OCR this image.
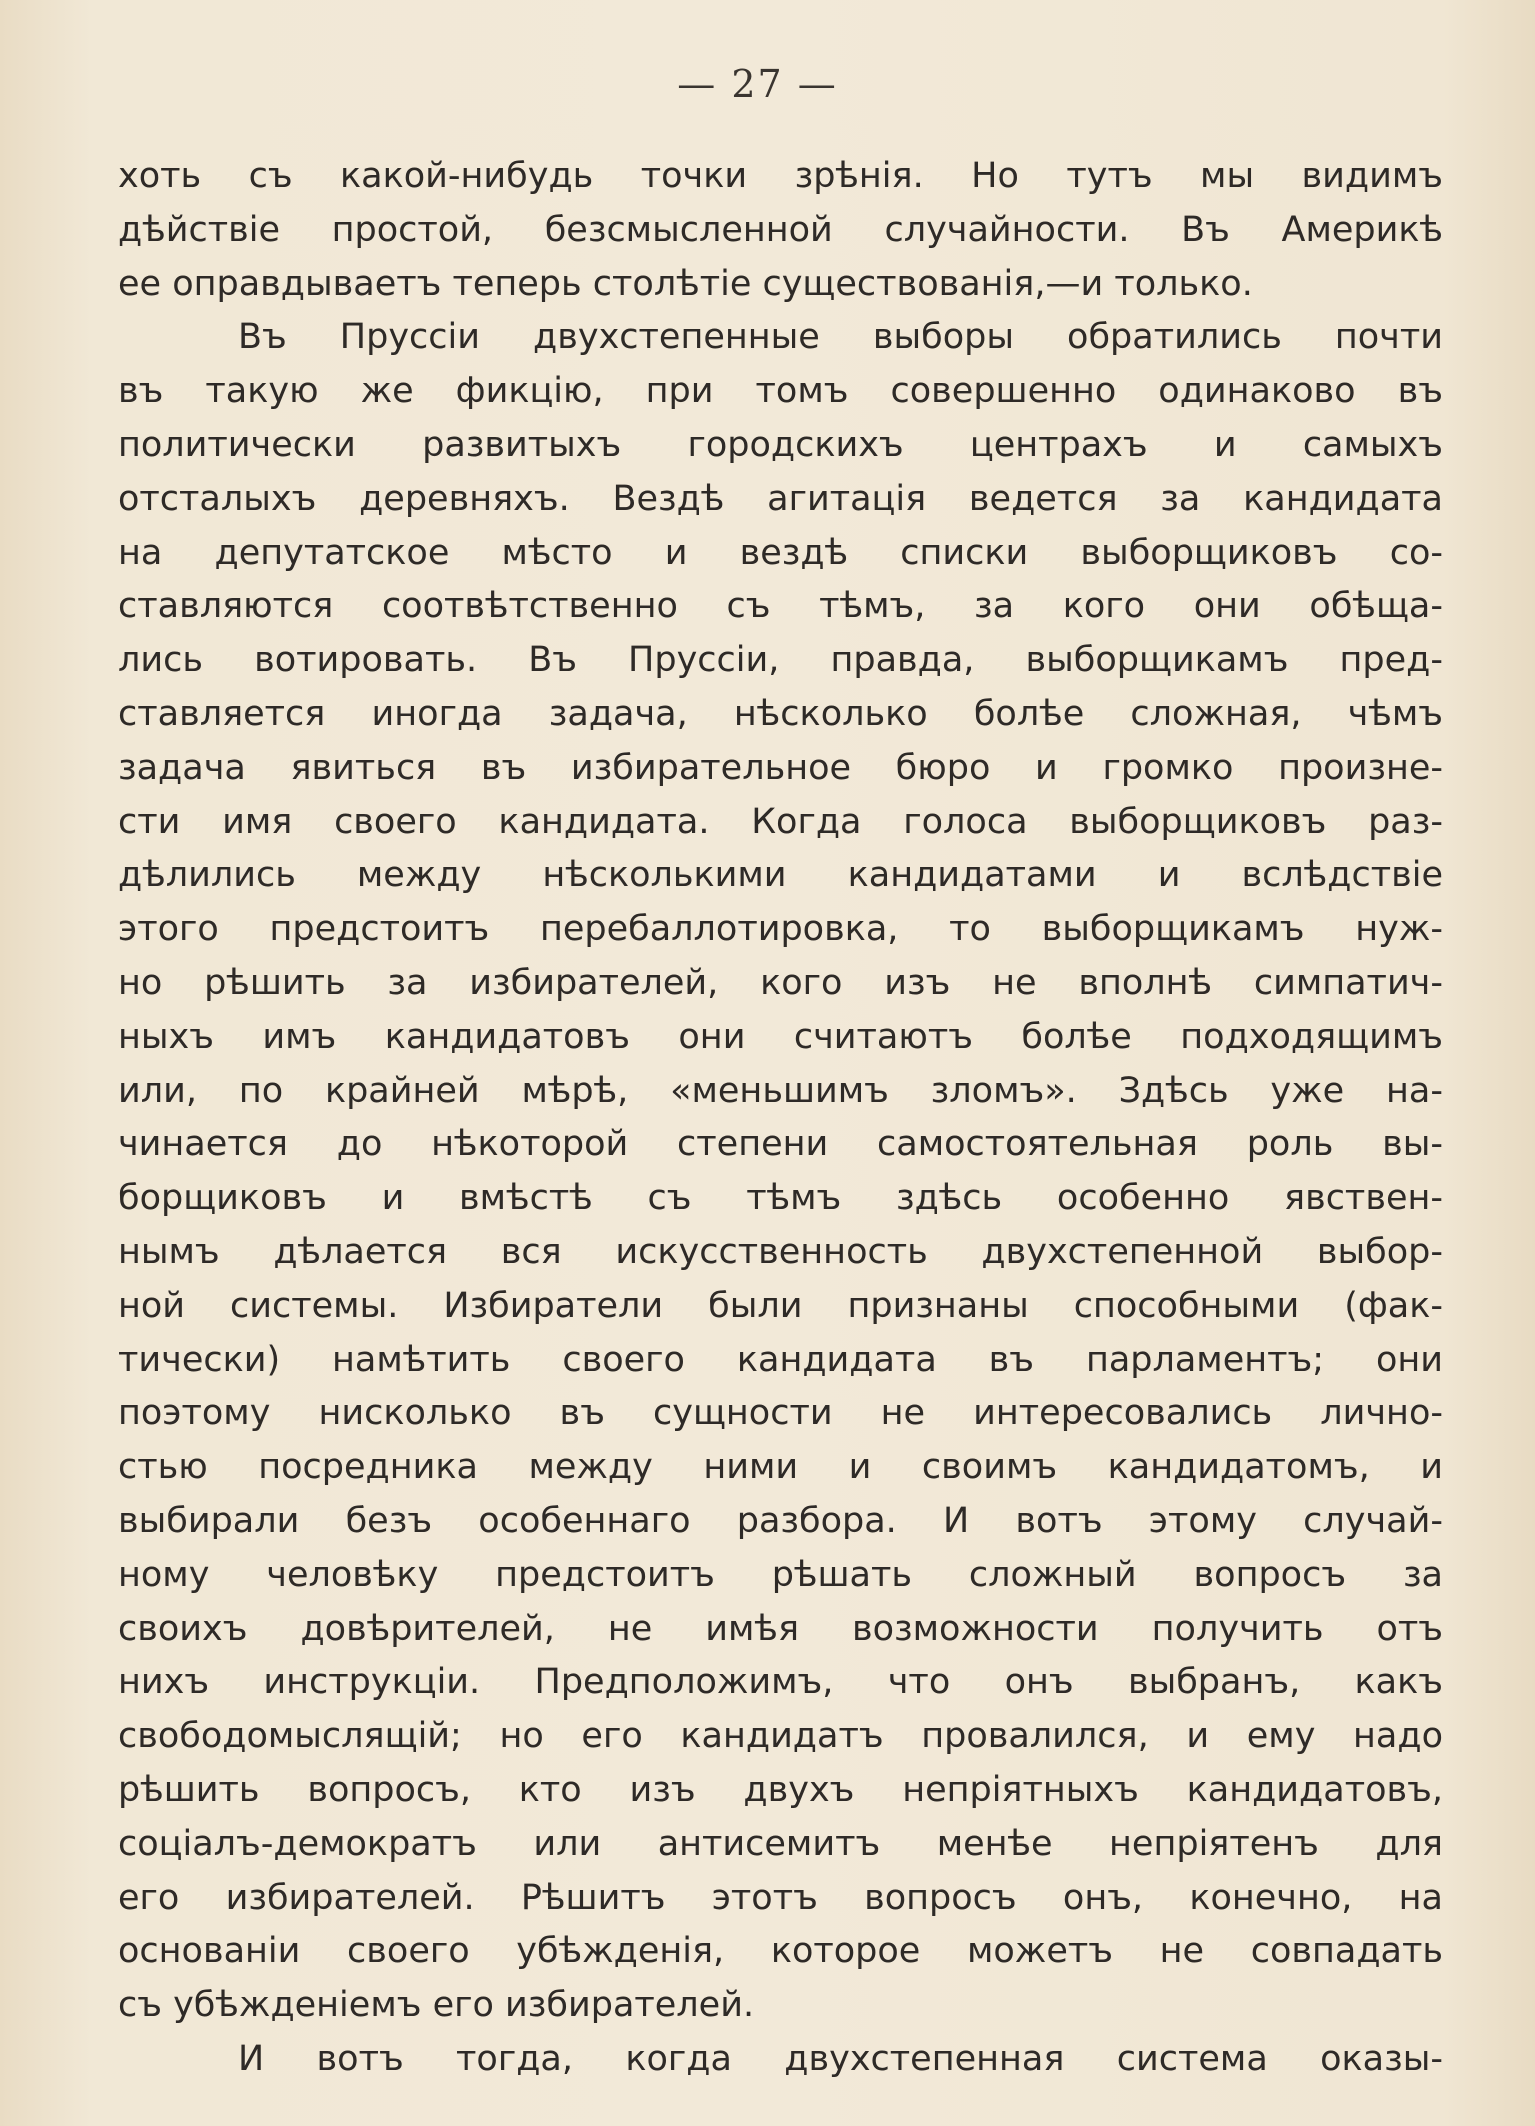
— 27 —
хоть съ какой-нибудь точки зрѣнія. Но тутъ мы видимъ
дѣйствіе простой, безсмысленной случайности. Въ Америкѣ
ее оправдываетъ теперь столѣтіе существованія,—и только.
Въ Пруссіи двухстепенные выборы обратились почти
въ такую же фикцію, при томъ совершенно одинаково въ
политически развитыхъ городскихъ центрахъ и самыхъ
отсталыхъ деревняхъ. Вездѣ агитація ведется за кандидата
на депутатское мѣсто и вездѣ списки выборщиковъ со-
ставляются соотвѣтственно съ тѣмъ, за кого они обѣща-
лись вотировать. Въ Пруссіи, правда, выборщикамъ пред-
ставляется иногда задача, нѣсколько болѣе сложная, чѣмъ
задача явиться въ избирательное бюро и громко произне-
сти имя своего кандидата. Когда голоса выборщиковъ раз-
дѣлились между нѣсколькими кандидатами и вслѣдствіе
этого предстоитъ перебаллотировка, то выборщикамъ нуж-
но рѣшить за избирателей, кого изъ не вполнѣ симпатич-
ныхъ имъ кандидатовъ они считаютъ болѣе подходящимъ
или, по крайней мѣрѣ, «меньшимъ зломъ». Здѣсь уже на-
чинается до нѣкоторой степени самостоятельная роль вы-
борщиковъ и вмѣстѣ съ тѣмъ здѣсь особенно явствен-
нымъ дѣлается вся искусственность двухстепенной выбор-
ной системы. Избиратели были признаны способными (фак-
тически) намѣтить своего кандидата въ парламентъ; они
поэтому нисколько въ сущности не интересовались лично-
стью посредника между ними и своимъ кандидатомъ, и
выбирали безъ особеннаго разбора. И вотъ этому случай-
ному человѣку предстоитъ рѣшать сложный вопросъ за
своихъ довѣрителей, не имѣя возможности получить отъ
нихъ инструкціи. Предположимъ, что онъ выбранъ, какъ
свободомыслящій; но его кандидатъ провалился, и ему надо
рѣшить вопросъ, кто изъ двухъ непріятныхъ кандидатовъ,
соціалъ-демократъ или антисемитъ менѣе непріятенъ для
его избирателей. Рѣшитъ этотъ вопросъ онъ, конечно, на
основаніи своего убѣжденія, которое можетъ не совпадать
съ убѣжденіемъ его избирателей.
И вотъ тогда, когда двухстепенная система оказы-
